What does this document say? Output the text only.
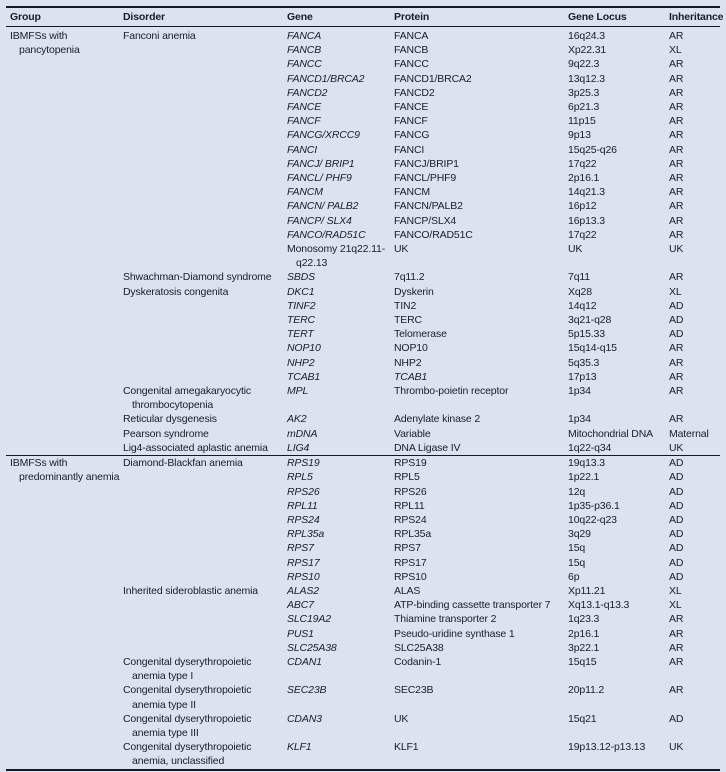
Group	Disorder	Gene	Protein	Gene Locus	Inheritance
IBMFSs with pancytopenia	Fanconi anemia	FANCA	FANCA	16q24.3	AR
		FANCB	FANCB	Xp22.31	XL
		FANCC	FANCC	9q22.3	AR
		FANCD1/BRCA2	FANCD1/BRCA2	13q12.3	AR
		FANCD2	FANCD2	3p25.3	AR
		FANCE	FANCE	6p21.3	AR
		FANCF	FANCF	11p15	AR
		FANCG/XRCC9	FANCG	9p13	AR
		FANCI	FANCI	15q25-q26	AR
		FANCJ/ BRIP1	FANCJ/BRIP1	17q22	AR
		FANCL/ PHF9	FANCL/PHF9	2p16.1	AR
		FANCM	FANCM	14q21.3	AR
		FANCN/ PALB2	FANCN/PALB2	16p12	AR
		FANCP/ SLX4	FANCP/SLX4	16p13.3	AR
		FANCO/RAD51C	FANCO/RAD51C	17q22	AR
		Monosomy 21q22.11-q22.13	UK	UK	UK
	Shwachman-Diamond syndrome	SBDS	7q11.2	7q11	AR
	Dyskeratosis congenita	DKC1	Dyskerin	Xq28	XL
		TINF2	TIN2	14q12	AD
		TERC	TERC	3q21-q28	AD
		TERT	Telomerase	5p15.33	AD
		NOP10	NOP10	15q14-q15	AR
		NHP2	NHP2	5q35.3	AR
		TCAB1	TCAB1	17p13	AR
	Congenital amegakaryocytic thrombocytopenia	MPL	Thrombo-poietin receptor	1p34	AR
	Reticular dysgenesis	AK2	Adenylate kinase 2	1p34	AR
	Pearson syndrome	mDNA	Variable	Mitochondrial DNA	Maternal
	Lig4-associated aplastic anemia	LIG4	DNA Ligase IV	1q22-q34	UK
IBMFSs with predominantly anemia	Diamond-Blackfan anemia	RPS19	RPS19	19q13.3	AD
		RPL5	RPL5	1p22.1	AD
		RPS26	RPS26	12q	AD
		RPL11	RPL11	1p35-p36.1	AD
		RPS24	RPS24	10q22-q23	AD
		RPL35a	RPL35a	3q29	AD
		RPS7	RPS7	15q	AD
		RPS17	RPS17	15q	AD
		RPS10	RPS10	6p	AD
	Inherited sideroblastic anemia	ALAS2	ALAS	Xp11.21	XL
		ABC7	ATP-binding cassette transporter 7	Xq13.1-q13.3	XL
		SLC19A2	Thiamine transporter 2	1q23.3	AR
		PUS1	Pseudo-uridine synthase 1	2p16.1	AR
		SLC25A38	SLC25A38	3p22.1	AR
	Congenital dyserythropoietic anemia type I	CDAN1	Codanin-1	15q15	AR
	Congenital dyserythropoietic anemia type II	SEC23B	SEC23B	20p11.2	AR
	Congenital dyserythropoietic anemia type III	CDAN3	UK	15q21	AD
	Congenital dyserythropoietic anemia, unclassified	KLF1	KLF1	19p13.12-p13.13	UK
